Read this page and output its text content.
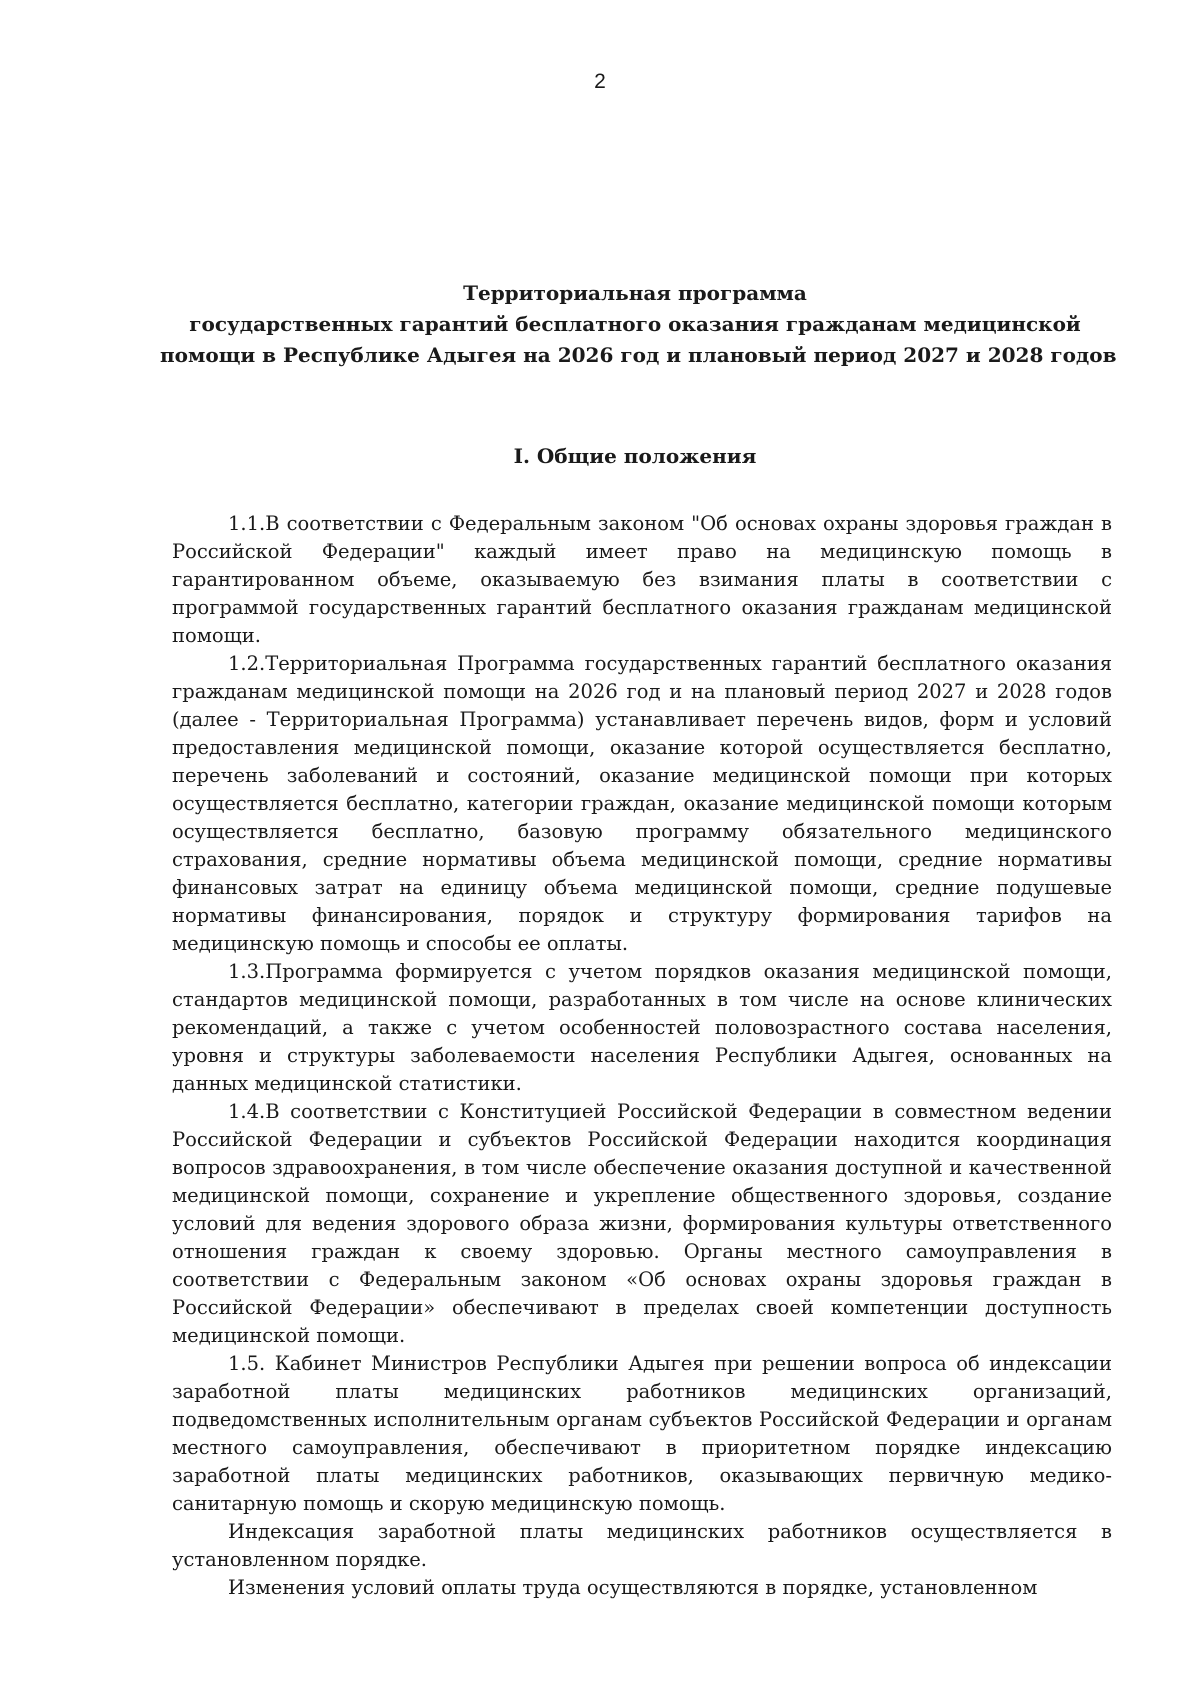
2
Территориальная программа
государственных гарантий бесплатного оказания гражданам медицинской
помощи в Республике Адыгея на 2026 год и плановый период 2027 и 2028 годов
I. Общие положения

1.1.В соответствии с Федеральным законом "Об основах охраны здоровья граждан в Российской Федерации" каждый имеет право на медицинскую помощь в гарантированном объеме, оказываемую без взимания платы в соответствии с программой государственных гарантий бесплатного оказания гражданам медицинской помощи.

1.2.Территориальная Программа государственных гарантий бесплатного оказания гражданам медицинской помощи на 2026 год и на плановый период 2027 и 2028 годов (далее - Территориальная Программа) устанавливает перечень видов, форм и условий предоставления медицинской помощи, оказание которой осуществляется бесплатно, перечень заболеваний и состояний, оказание медицинской помощи при которых осуществляется бесплатно, категории граждан, оказание медицинской помощи которым осуществляется бесплатно, базовую программу обязательного медицинского страхования, средние нормативы объема медицинской помощи, средние нормативы финансовых затрат на единицу объема медицинской помощи, средние подушевые нормативы финансирования, порядок и структуру формирования тарифов на медицинскую помощь и способы ее оплаты.

1.3.Программа формируется с учетом порядков оказания медицинской помощи, стандартов медицинской помощи, разработанных в том числе на основе клинических рекомендаций, а также с учетом особенностей половозрастного состава населения, уровня и структуры заболеваемости населения Республики Адыгея, основанных на данных медицинской статистики.

1.4.В соответствии с Конституцией Российской Федерации в совместном ведении Российской Федерации и субъектов Российской Федерации находится координация вопросов здравоохранения, в том числе обеспечение оказания доступной и качественной медицинской помощи, сохранение и укрепление общественного здоровья, создание условий для ведения здорового образа жизни, формирования культуры ответственного отношения граждан к своему здоровью. Органы местного самоуправления в соответствии с Федеральным законом «Об основах охраны здоровья граждан в Российской Федерации» обеспечивают в пределах своей компетенции доступность медицинской помощи.

1.5. Кабинет Министров Республики Адыгея при решении вопроса об индексации заработной платы медицинских работников медицинских организаций, подведомственных исполнительным органам субъектов Российской Федерации и органам местного самоуправления, обеспечивают в приоритетном порядке индексацию заработной платы медицинских работников, оказывающих первичную медико-санитарную помощь и скорую медицинскую помощь.

Индексация заработной платы медицинских работников осуществляется в установленном порядке.

Изменения условий оплаты труда осуществляются в порядке, установленном
